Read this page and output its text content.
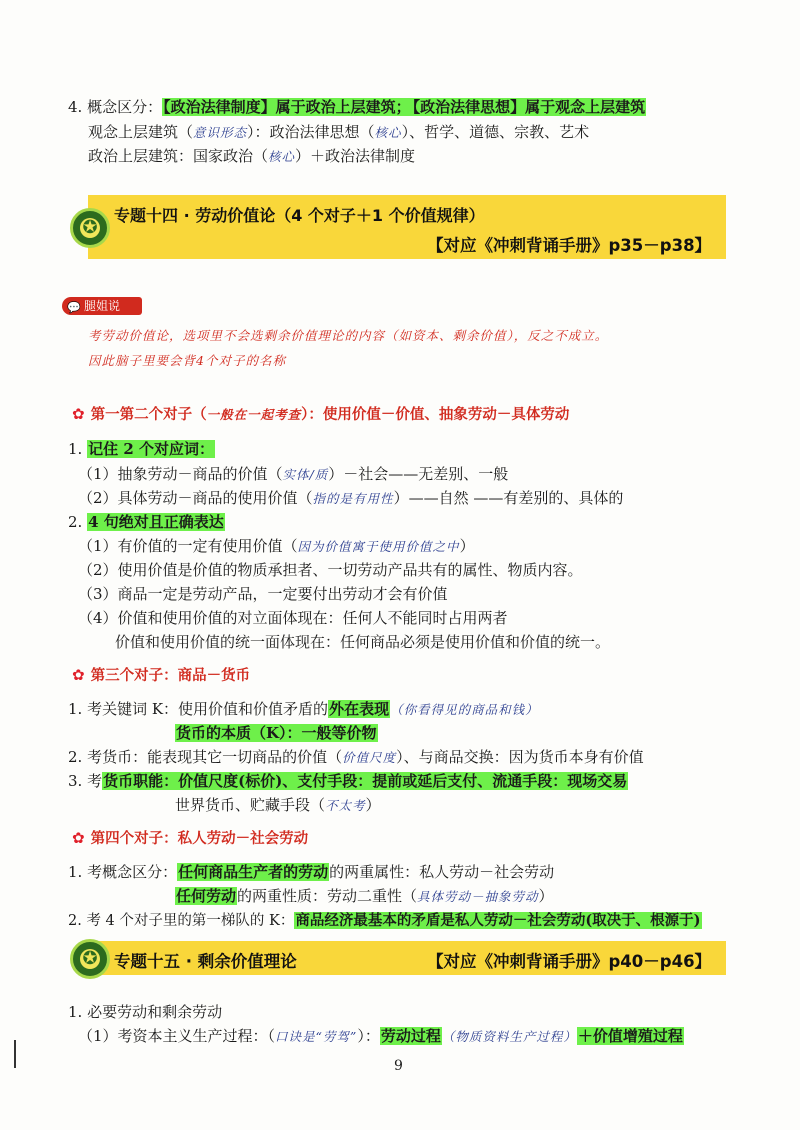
4. 概念区分：【政治法律制度】属于政治上层建筑； 【政治法律思想】属于观念上层建筑
观念上层建筑（意识形态）：政治法律思想（核心）、哲学、道德、宗教、艺术
政治上层建筑：国家政治（核心）＋政治法律制度
✪
专题十四 · 劳动价值论（4 个对子＋1 个价值规律）
【对应《冲刺背诵手册》p35－p38】
💬 腿姐说
考劳动价值论，选项里不会选剩余价值理论的内容（如资本、剩余价值），反之不成立。
因此脑子里要会背4个对子的名称
✿ 第一第二个对子（一般在一起考查）：使用价值－价值、抽象劳动－具体劳动
1. 记住 2 个对应词：
（1）抽象劳动－商品的价值（实体/质）－社会——无差别、一般
（2）具体劳动－商品的使用价值（指的是有用性）——自然 ——有差别的、具体的
2. 4 句绝对且正确表达
（1）有价值的一定有使用价值（因为价值寓于使用价值之中）
（2）使用价值是价值的物质承担者、一切劳动产品共有的属性、物质内容。
（3）商品一定是劳动产品，一定要付出劳动才会有价值
（4）价值和使用价值的对立面体现在：任何人不能同时占用两者
价值和使用价值的统一面体现在：任何商品必须是使用价值和价值的统一。
✿ 第三个对子：商品－货币
1. 考关键词 K：使用价值和价值矛盾的外在表现（你看得见的商品和钱）
货币的本质（K）：一般等价物
2. 考货币：能表现其它一切商品的价值（价值尺度）、与商品交换：因为货币本身有价值
3. 考货币职能：价值尺度(标价)、支付手段：提前或延后支付、流通手段：现场交易
世界货币、贮藏手段（不太考）
✿ 第四个对子：私人劳动－社会劳动
1. 考概念区分：任何商品生产者的劳动的两重属性：私人劳动－社会劳动
任何劳动的两重性质：劳动二重性（具体劳动－抽象劳动）
2. 考 4 个对子里的第一梯队的 K：商品经济最基本的矛盾是私人劳动－社会劳动(取决于、根源于)
✪ 专题十五 · 剩余价值理论	【对应《冲刺背诵手册》p40－p46】
1. 必要劳动和剩余劳动
（1）考资本主义生产过程：（口诀是“劳驾”）：劳动过程（物质资料生产过程）＋价值增殖过程
9
